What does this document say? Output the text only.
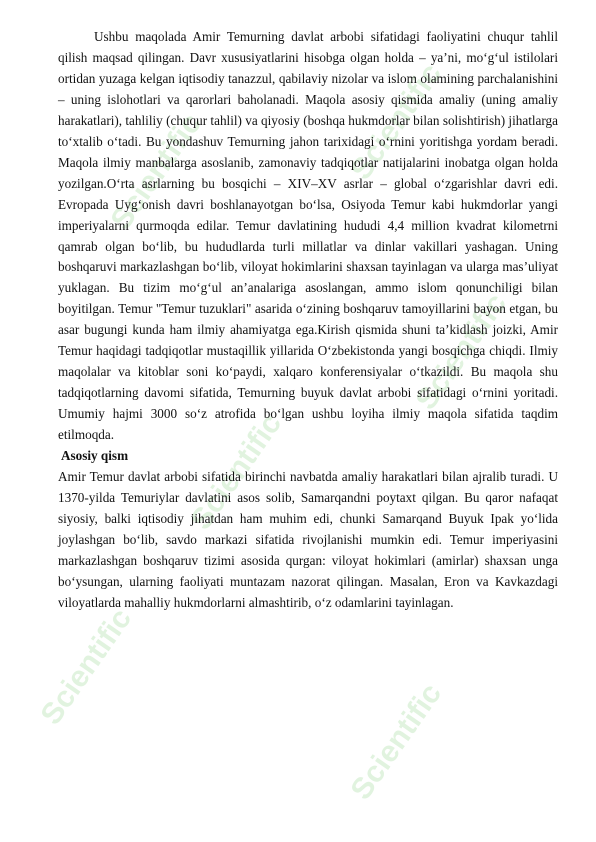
Scientific	Scientific
Scientific
Scientific
Scientific
Scientific

Ushbu maqolada Amir Temurning davlat arbobi sifatidagi faoliyatini chuqur tahlil qilish maqsad qilingan. Davr xususiyatlarini hisobga olgan holda – ya’ni, mo‘g‘ul istilolari ortidan yuzaga kelgan iqtisodiy tanazzul, qabilaviy nizolar va islom olamining parchalanishini – uning islohotlari va qarorlari baholanadi. Maqola asosiy qismida amaliy (uning amaliy harakatlari), tahliliy (chuqur tahlil) va qiyosiy (boshqa hukmdorlar bilan solishtirish) jihatlarga to‘xtalib o‘tadi. Bu yondashuv Temurning jahon tarixidagi o‘rnini yoritishga yordam beradi. Maqola ilmiy manbalarga asoslanib, zamonaviy tadqiqotlar natijalarini inobatga olgan holda yozilgan.O‘rta asrlarning bu bosqichi – XIV–XV asrlar – global o‘zgarishlar davri edi. Evropada Uyg‘onish davri boshlanayotgan bo‘lsa, Osiyoda Temur kabi hukmdorlar yangi imperiyalarni qurmoqda edilar. Temur davlatining hududi 4,4 million kvadrat kilometrni qamrab olgan bo‘lib, bu hududlarda turli millatlar va dinlar vakillari yashagan. Uning boshqaruvi markazlashgan bo‘lib, viloyat hokimlarini shaxsan tayinlagan va ularga mas’uliyat yuklagan. Bu tizim mo‘g‘ul an’analariga asoslangan, ammo islom qonunchiligi bilan boyitilgan. Temur "Temur tuzuklari" asarida o‘zining boshqaruv tamoyillarini bayon etgan, bu asar bugungi kunda ham ilmiy ahamiyatga ega.Kirish qismida shuni ta’kidlash joizki, Amir Temur haqidagi tadqiqotlar mustaqillik yillarida O‘zbekistonda yangi bosqichga chiqdi. Ilmiy maqolalar va kitoblar soni ko‘paydi, xalqaro konferensiyalar o‘tkazildi. Bu maqola shu tadqiqotlarning davomi sifatida, Temurning buyuk davlat arbobi sifatidagi o‘rnini yoritadi. Umumiy hajmi 3000 so‘z atrofida bo‘lgan ushbu loyiha ilmiy maqola sifatida taqdim etilmoqda.

Asosiy qism

Amir Temur davlat arbobi sifatida birinchi navbatda amaliy harakatlari bilan ajralib turadi. U 1370-yilda Temuriylar davlatini asos solib, Samarqandni poytaxt qilgan. Bu qaror nafaqat siyosiy, balki iqtisodiy jihatdan ham muhim edi, chunki Samarqand Buyuk Ipak yo‘lida joylashgan bo‘lib, savdo markazi sifatida rivojlanishi mumkin edi. Temur imperiyasini markazlashgan boshqaruv tizimi asosida qurgan: viloyat hokimlari (amirlar) shaxsan unga bo‘ysungan, ularning faoliyati muntazam nazorat qilingan. Masalan, Eron va Kavkazdagi viloyatlarda mahalliy hukmdorlarni almashtirib, o‘z odamlarini tayinlagan.
